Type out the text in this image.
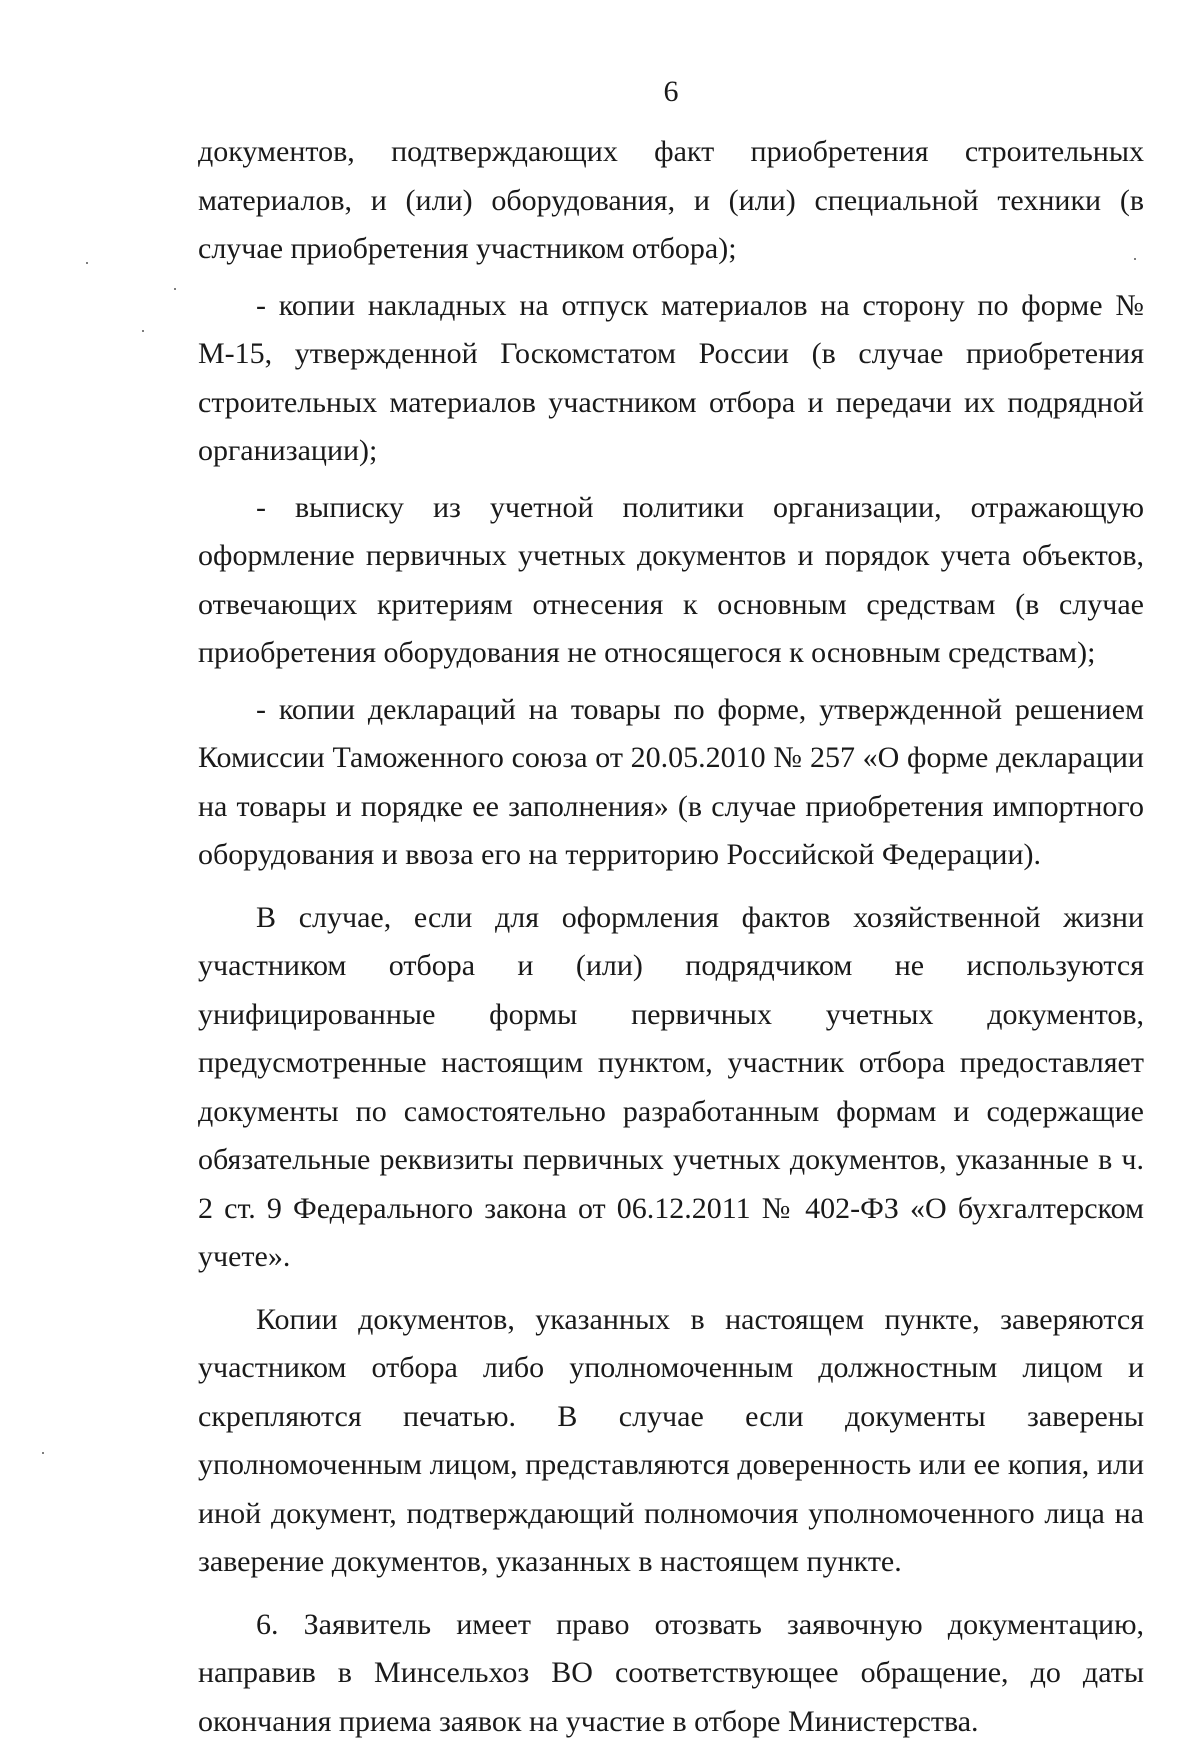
6

документов, подтверждающих факт приобретения строительных материалов, и (или) оборудования, и (или) специальной техники (в случае приобретения участником отбора);

- копии накладных на отпуск материалов на сторону по форме № М-15, утвержденной Госкомстатом России (в случае приобретения строительных материалов участником отбора и передачи их подрядной организации);

- выписку из учетной политики организации, отражающую оформление первичных учетных документов и порядок учета объектов, отвечающих критериям отнесения к основным средствам (в случае приобретения оборудования не относящегося к основным средствам);

- копии деклараций на товары по форме, утвержденной решением Комиссии Таможенного союза от 20.05.2010 № 257 «О форме декларации на товары и порядке ее заполнения» (в случае приобретения импортного оборудования и ввоза его на территорию Российской Федерации).

В случае, если для оформления фактов хозяйственной жизни участником отбора и (или) подрядчиком не используются унифицированные формы первичных учетных документов, предусмотренные настоящим пунктом, участник отбора предоставляет документы по самостоятельно разработанным формам и содержащие обязательные реквизиты первичных учетных документов, указанные в ч. 2 ст. 9 Федерального закона от 06.12.2011 № 402-ФЗ «О бухгалтерском учете».

Копии документов, указанных в настоящем пункте, заверяются участником отбора либо уполномоченным должностным лицом и скрепляются печатью. В случае если документы заверены уполномоченным лицом, представляются доверенность или ее копия, или иной документ, подтверждающий полномочия уполномоченного лица на заверение документов, указанных в настоящем пункте.

6. Заявитель имеет право отозвать заявочную документацию, направив в Минсельхоз ВО соответствующее обращение, до даты окончания приема заявок на участие в отборе Министерства.
